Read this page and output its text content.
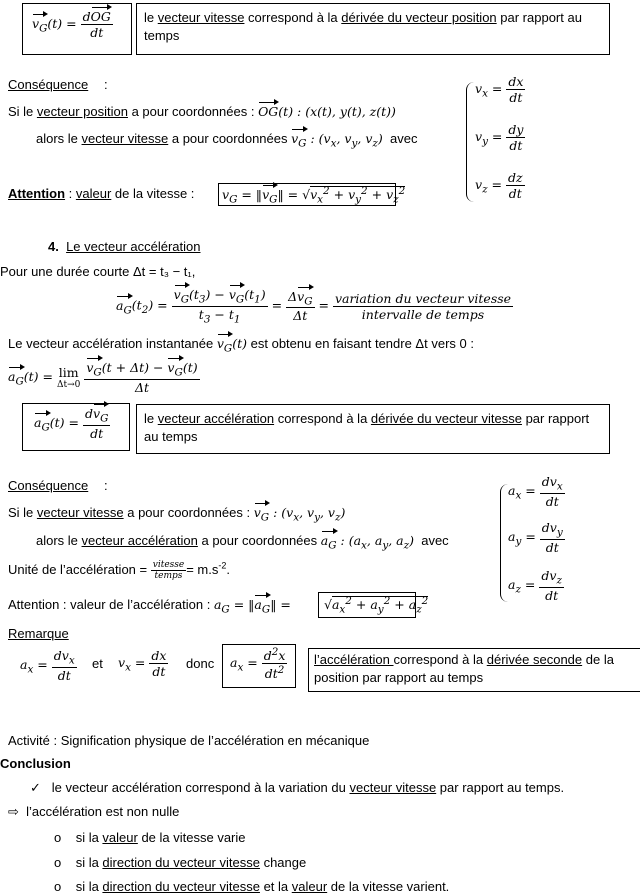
$v_G(t) = \frac{\text{dOG}}{dt}$ le vecteur vitesse correspond à la dérivée du vecteur position par rapport au temps
Conséquence :
Si le vecteur position a pour coordonnées : OG(t) : (x(t), y(t), z(t))
alors le vecteur vitesse a pour coordonnées $v_G$ : ($v_x$, $v_y$, $v_z$) avec
$v_x = \frac{dx}{dt}$
$v_y = \frac{dy}{dt}$
$v_z = \frac{dz}{dt}$
Attention : valeur de la vitesse : $v_G$ = $‖v_G‖ = √v_x^2 + v_y^2 + v_z^2$
4. Le vecteur accélération
Pour une durée courte Δt = t₃ − t₁,
$a_G(t_2) = \frac{v_G(t_3) - v_G(t_1)}{t_3 - t_1} = \frac{\Delta v_G}{\Delta t} = \frac{\text{variation du vecteur vitesse}}{\text{intervalle de temps}}$
Le vecteur accélération instantanée $v_G(t)$ est obtenu en faisant tendre Δt vers 0 :
$a_G(t) = \lim$
Δt→0
$\frac{v_G(t + \Delta t) - v_G(t)}{\Delta t}$
$a_G(t) = \frac{dv_G}{dt}$	le vecteur accélération correspond à la dérivée du vecteur vitesse par rapport au temps
Conséquence :
Si le vecteur vitesse a pour coordonnées : $v_G$ : ($v_x$, $v_y$, $v_z$)
alors le vecteur accélération a pour coordonnées $a_G$ : ($a_x$, $a_y$, $a_z$) avec
Unité de l’accélération = $\frac{\text{vitesse}}{\text{temps}} = m.s^{-2}$.
Attention : valeur de l’accélération : $a_G$ = $‖a_G‖$ =	$√a_x^2 + a_y^2 + a_z^2$
$a_x = \frac{dv_x}{dt}$
$a_y = \frac{dv_y}{dt}$
$a_z = \frac{dv_z}{dt}$
Remarque
$a_x = \frac{dv_x}{dt}$ et $v_x = \frac{dx}{dt}$ donc $a_x = \frac{d^2x}{dt^2}$ l’accélération correspond à la dérivée seconde de la position par rapport au temps
Activité : Signification physique de l’accélération en mécanique
Conclusion
✓ le vecteur accélération correspond à la variation du vecteur vitesse par rapport au temps.
⇨ l’accélération est non nulle
o si la valeur de la vitesse varie
o si la direction du vecteur vitesse change
o si la direction du vecteur vitesse et la valeur de la vitesse varient.
